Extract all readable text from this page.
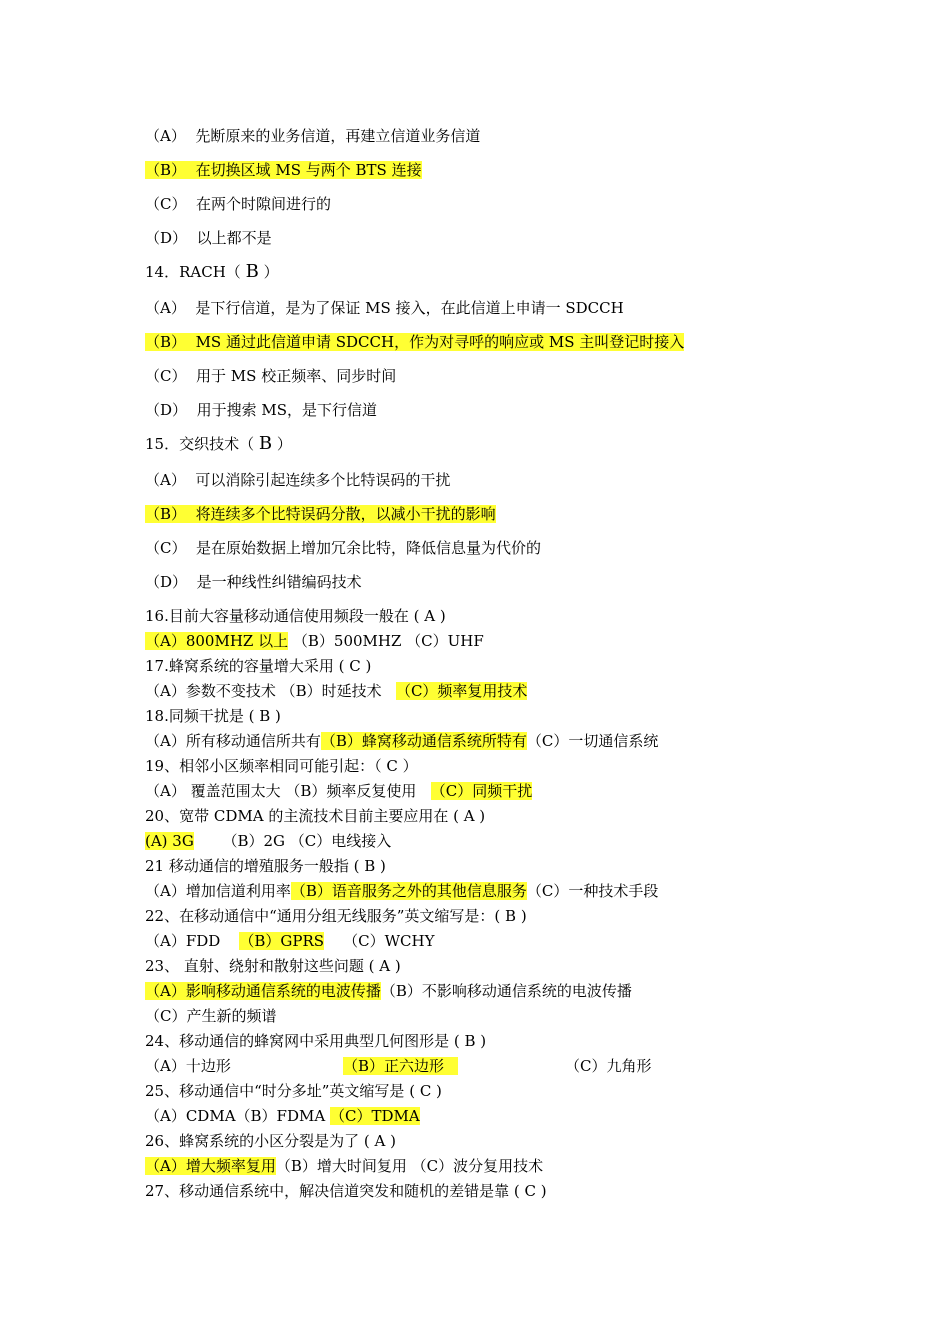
（A） 先断原来的业务信道，再建立信道业务信道
（B） 在切换区域 MS 与两个 BTS 连接
（C） 在两个时隙间进行的
（D） 以上都不是
14．RACH（ B ）
（A） 是下行信道，是为了保证 MS 接入，在此信道上申请一 SDCCH
（B） MS 通过此信道申请 SDCCH，作为对寻呼的响应或 MS 主叫登记时接入
（C） 用于 MS 校正频率、同步时间
（D） 用于搜索 MS，是下行信道
15．交织技术（ B ）
（A） 可以消除引起连续多个比特误码的干扰
（B） 将连续多个比特误码分散，以减小干扰的影响
（C） 是在原始数据上增加冗余比特，降低信息量为代价的
（D） 是一种线性纠错编码技术
16.目前大容量移动通信使用频段一般在 ( A )
（A）800MHZ 以上 （B）500MHZ （C）UHF
17.蜂窝系统的容量增大采用 ( C )
（A）参数不变技术 （B）时延技术 （C）频率复用技术
18.同频干扰是 ( B )
（A）所有移动通信所共有（B）蜂窝移动通信系统所特有（C）一切通信系统
19、相邻小区频率相同可能引起：（ C ）
（A） 覆盖范围太大 （B）频率反复使用 （C）同频干扰
20、宽带 CDMA 的主流技术目前主要应用在 ( A )
(A) 3G （B）2G （C）电线接入
21 移动通信的增殖服务一般指 ( B )
（A）增加信道利用率（B）语音服务之外的其他信息服务（C）一种技术手段
22、在移动通信中“通用分组无线服务”英文缩写是：( B )
（A）FDD （B）GPRS （C）WCHY
23、 直射、绕射和散射这些问题 ( A )
（A）影响移动通信系统的电波传播（B）不影响移动通信系统的电波传播
（C）产生新的频谱
24、移动通信的蜂窝网中采用典型几何图形是 ( B )
（A）十边形	（B）正六边形	（C）九角形
25、移动通信中“时分多址”英文缩写是 ( C )
（A）CDMA（B）FDMA （C）TDMA
26、蜂窝系统的小区分裂是为了 ( A )
（A）增大频率复用（B）增大时间复用 （C）波分复用技术
27、移动通信系统中，解决信道突发和随机的差错是靠 ( C )
